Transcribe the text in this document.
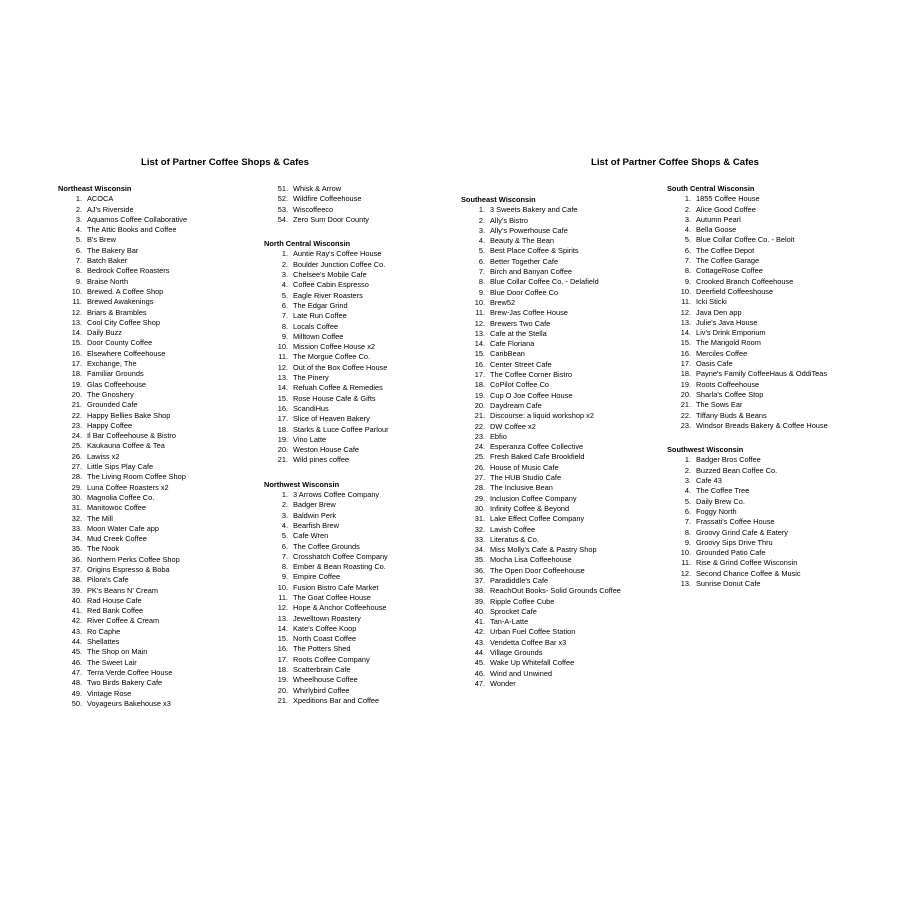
List of Partner Coffee Shops & Cafes
Northeast Wisconsin
1. ACOCA
2. AJ's Riverside
3. Aquamos Coffee Collaborative
4. The Attic Books and Coffee
5. B's Brew
6. The Bakery Bar
7. Batch Baker
8. Bedrock Coffee Roasters
9. Braise North
10. Brewed. A Coffee Shop
11. Brewed Awakenings
12. Briars & Brambles
13. Cool City Coffee Shop
14. Daily Buzz
15. Door County Coffee
16. Elsewhere Coffeehouse
17. Exchange, The
18. Familiar Grounds
19. Glas Coffeehouse
20. The Gnoshery
21. Grounded Cafe
22. Happy Bellies Bake Shop
23. Happy Coffee
24. Il Bar Coffeehouse & Bistro
25. Kaukauna Coffee & Tea
26. Lawiss x2
27. Little Sips Play Cafe
28. The Living Room Coffee Shop
29. Luna Coffee Roasters x2
30. Magnolia Coffee Co.
31. Manitowoc Coffee
32. The Mill
33. Moon Water Cafe app
34. Mud Creek Coffee
35. The Nook
36. Northern Perks Coffee Shop
37. Origins Espresso & Boba
38. Pilora's Cafe
39. PK's Beans N' Cream
40. Rad House Cafe
41. Red Bank Coffee
42. River Coffee & Cream
43. Ro Caphe
44. Shellattes
45. The Shop on Main
46. The Sweet Lair
47. Terra Verde Coffee House
48. Two Birds Bakery Cafe
49. Vintage Rose
50. Voyageurs Bakehouse x3
51. Whisk & Arrow
52. Wildfire Coffeehouse
53. Wiscoffeeco
54. Zero Sum Door County
North Central Wisconsin
1. Auntie Ray's Coffee House
2. Boulder Junction Coffee Co.
3. Chelsee's Mobile Cafe
4. Coffee Cabin Espresso
5. Eagle River Roasters
6. The Edgar Grind
7. Late Run Coffee
8. Locals Coffee
9. Milltown Coffee
10. Mission Coffee House x2
11. The Morgue Coffee Co.
12. Out of the Box Coffee House
13. The Pinery
14. Refuah Coffee & Remedies
15. Rose House Cafe & Gifts
16. ScandiHus
17. Slice of Heaven Bakery
18. Starks & Luce Coffee Parlour
19. Vino Latte
20. Weston House Cafe
21. Wild pines coffee
Northwest Wisconsin
1. 3 Arrows Coffee Company
2. Badger Brew
3. Baldwin Perk
4. Bearfish Brew
5. Cafe Wren
6. The Coffee Grounds
7. Crosshatch Coffee Company
8. Ember & Bean Roasting Co.
9. Empire Coffee
10. Fusion Bistro Cafe Market
11. The Goat Coffee House
12. Hope & Anchor Coffeehouse
13. Jewelltown Roastery
14. Kate's Coffee Koop
15. North Coast Coffee
16. The Potters Shed
17. Roots Coffee Company
18. Scatterbrain Cafe
19. Wheelhouse Coffee
20. Whirlybird Coffee
21. Xpeditions Bar and Coffee
List of Partner Coffee Shops & Cafes
Southeast Wisconsin
1. 3 Sweets Bakery and Cafe
2. Ally's Bistro
3. Ally's Powerhouse Cafe
4. Beauty & The Bean
5. Best Place Coffee & Spirits
6. Better Together Cafe
7. Birch and Banyan Coffee
8. Blue Collar Coffee Co. - Delafield
9. Blue Door Coffee Co
10. Brew52
11. Brew-Jas Coffee House
12. Brewers Two Cafe
13. Cafe at the Stella
14. Cafe Floriana
15. CaribBean
16. Center Street Cafe
17. The Coffee Corner Bistro
18. CoPilot Coffee Co
19. Cup O Joe Coffee House
20. Daydream Cafe
21. Discourse: a liquid workshop x2
22. DW Coffee x2
23. Ebfio
24. Esperanza Coffee Collective
25. Fresh Baked Cafe Brookfield
26. House of Music Cafe
27. The HUB Studio Cafe
28. The Inclusive Bean
29. Inclusion Coffee Company
30. Infinity Coffee & Beyond
31. Lake Effect Coffee Company
32. Lavish Coffee
33. Literatus & Co.
34. Miss Molly's Cafe & Pastry Shop
35. Mocha Lisa Coffeehouse
36. The Open Door Coffeehouse
37. Paradiddle's Cafe
38. ReachOut Books- Solid Grounds Coffee
39. Ripple Coffee Cube
40. Sprocket Cafe
41. Tan-A-Latte
42. Urban Fuel Coffee Station
43. Vendetta Coffee Bar x3
44. Village Grounds
45. Wake Up Whitefall Coffee
46. Wind and Unwined
47. Wonder
South Central Wisconsin
1. 1855 Coffee House
2. Alice Good Coffee
3. Autumn Pearl
4. Bella Goose
5. Blue Collar Coffee Co. - Beloit
6. The Coffee Depot
7. The Coffee Garage
8. CottageRose Coffee
9. Crooked Branch Coffeehouse
10. Deerfield Coffeeshouse
11. Icki Sticki
12. Java Den app
13. Julie's Java House
14. Liv's Drink Emporium
15. The Marigold Room
16. Merciles Coffee
17. Oasis Cafe
18. Payne's Family CoffeeHaus & OddiTeas
19. Roots Coffeehouse
20. Sharla's Coffee Stop
21. The Sows Ear
22. Tiffany Buds & Beans
23. Windsor Breads Bakery & Coffee House
Southwest Wisconsin
1. Badger Bros Coffee
2. Buzzed Bean Coffee Co.
3. Cafe 43
4. The Coffee Tree
5. Daily Brew Co.
6. Foggy North
7. Frassati's Coffee House
8. Groovy Grind Cafe & Eatery
9. Groovy Sips Drive Thru
10. Grounded Patio Cafe
11. Rise & Grind Coffee Wisconsin
12. Second Chance Coffee & Music
13. Sunrise Donut Cafe
